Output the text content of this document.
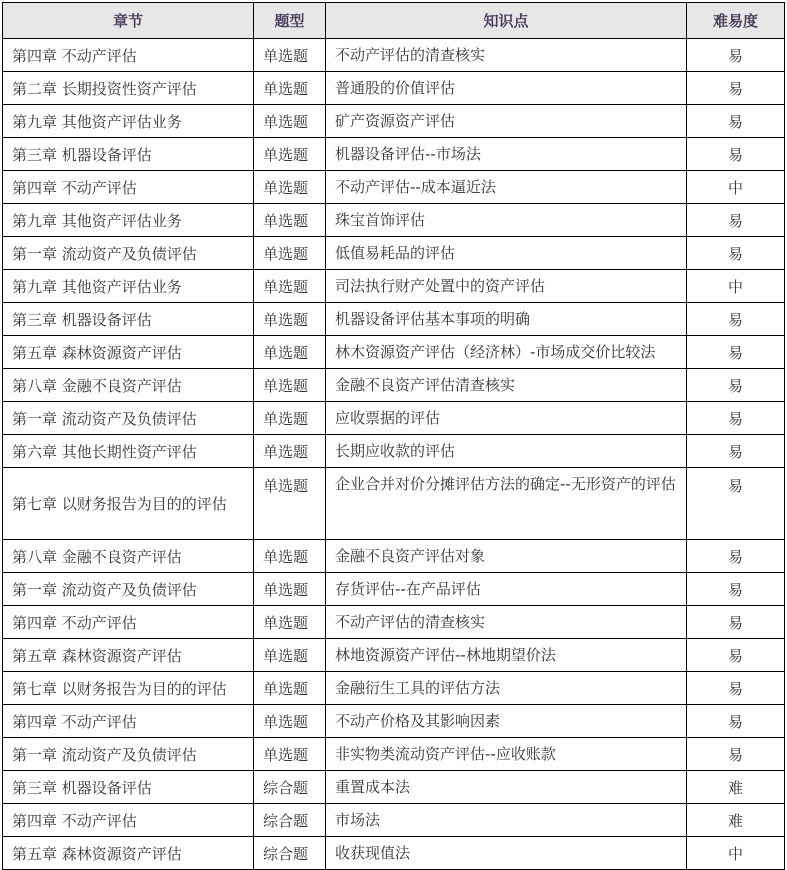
章节	题型	知识点	难易度
第四章 不动产评估	单选题	不动产评估的清查核实	易
第二章 长期投资性资产评估	单选题	普通股的价值评估	易
第九章 其他资产评估业务	单选题	矿产资源资产评估	易
第三章 机器设备评估	单选题	机器设备评估--市场法	易
第四章 不动产评估	单选题	不动产评估--成本逼近法	中
第九章 其他资产评估业务	单选题	珠宝首饰评估	易
第一章 流动资产及负债评估	单选题	低值易耗品的评估	易
第九章 其他资产评估业务	单选题	司法执行财产处置中的资产评估	中
第三章 机器设备评估	单选题	机器设备评估基本事项的明确	易
第五章 森林资源资产评估	单选题	林木资源资产评估（经济林）-市场成交价比较法	易
第八章 金融不良资产评估	单选题	金融不良资产评估清查核实	易
第一章 流动资产及负债评估	单选题	应收票据的评估	易
第六章 其他长期性资产评估	单选题	长期应收款的评估	易
第七章 以财务报告为目的的评估	单选题	企业合并对价分摊评估方法的确定--无形资产的评估	易
第八章 金融不良资产评估	单选题	金融不良资产评估对象	易
第一章 流动资产及负债评估	单选题	存货评估--在产品评估	易
第四章 不动产评估	单选题	不动产评估的清查核实	易
第五章 森林资源资产评估	单选题	林地资源资产评估--林地期望价法	易
第七章 以财务报告为目的的评估	单选题	金融衍生工具的评估方法	易
第四章 不动产评估	单选题	不动产价格及其影响因素	易
第一章 流动资产及负债评估	单选题	非实物类流动资产评估--应收账款	易
第三章 机器设备评估	综合题	重置成本法	难
第四章 不动产评估	综合题	市场法	难
第五章 森林资源资产评估	综合题	收获现值法	中
